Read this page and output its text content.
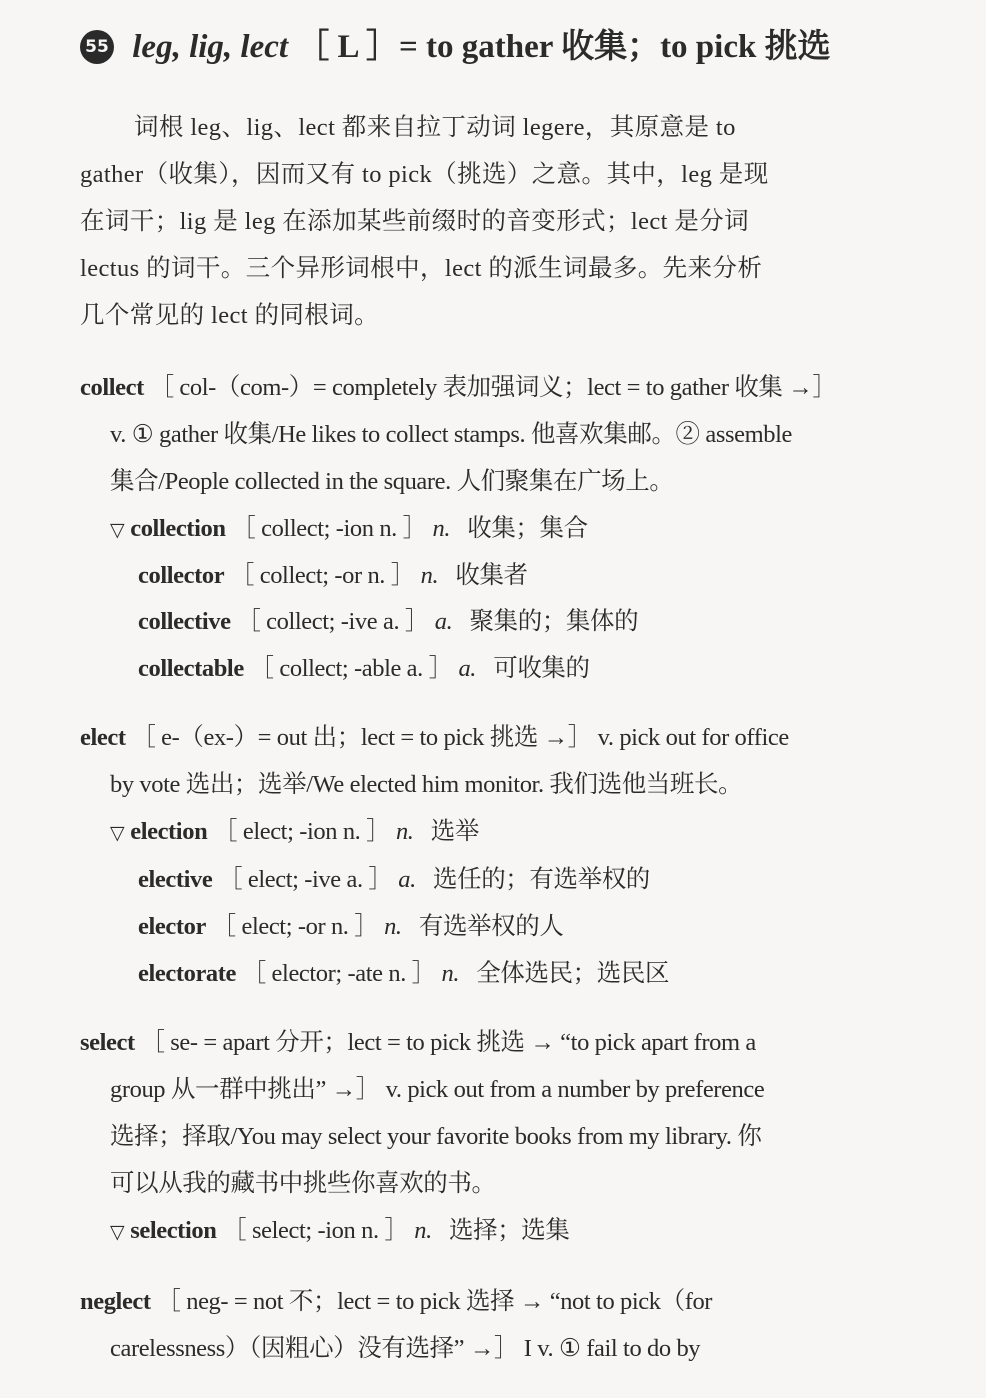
55 leg, lig, lect ［ L ］= to gather 收集；to pick 挑选
词根 leg、lig、lect 都来自拉丁动词 legere，其原意是 to
gather（收集），因而又有 to pick（挑选）之意。其中，leg 是现
在词干；lig 是 leg 在添加某些前缀时的音变形式；lect 是分词
lectus 的词干。三个异形词根中，lect 的派生词最多。先来分析
几个常见的 lect 的同根词。
collect ［ col-（com-）= completely 表加强词义；lect = to gather 收集 →］
v. ① gather 收集/He likes to collect stamps. 他喜欢集邮。② assemble
集合/People collected in the square. 人们聚集在广场上。
▽ collection ［ collect; -ion n. ］ n. 收集；集合
collector ［ collect; -or n. ］ n. 收集者
collective ［ collect; -ive a. ］ a. 聚集的；集体的
collectable ［ collect; -able a. ］ a. 可收集的
elect ［ e-（ex-）= out 出；lect = to pick 挑选 →］ v. pick out for office
by vote 选出；选举/We elected him monitor. 我们选他当班长。
▽ election ［ elect; -ion n. ］ n. 选举
elective ［ elect; -ive a. ］ a. 选任的；有选举权的
elector ［ elect; -or n. ］ n. 有选举权的人
electorate ［ elector; -ate n. ］ n. 全体选民；选民区
select ［ se- = apart 分开；lect = to pick 挑选 → “to pick apart from a
group 从一群中挑出” →］ v. pick out from a number by preference
选择；择取/You may select your favorite books from my library. 你
可以从我的藏书中挑些你喜欢的书。
▽ selection ［ select; -ion n. ］ n. 选择；选集
neglect ［ neg- = not 不；lect = to pick 选择 → “not to pick（for
carelessness）（因粗心）没有选择” →］ I v. ① fail to do by
